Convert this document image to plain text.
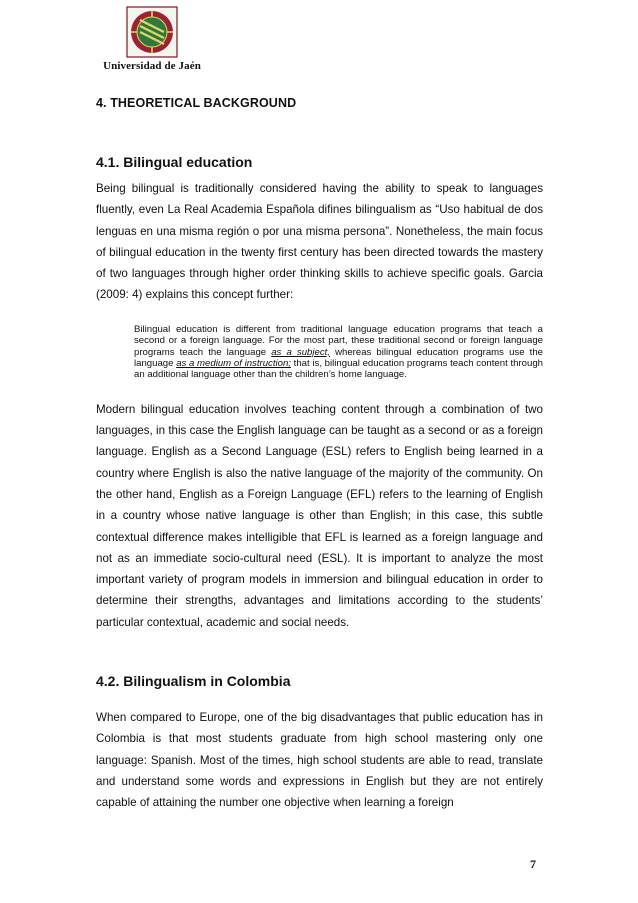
Universidad de Jaén
4. THEORETICAL BACKGROUND
4.1. Bilingual education

Being bilingual is traditionally considered having the ability to speak to languages fluently, even La Real Academia Española difines bilingualism as “Uso habitual de dos lenguas en una misma región o por una misma persona”. Nonetheless, the main focus of bilingual education in the twenty first century has been directed towards the mastery of two languages through higher order thinking skills to achieve specific goals. Garcia (2009: 4) explains this concept further:

Bilingual education is different from traditional language education programs that teach a second or a foreign language. For the most part, these traditional second or foreign language programs teach the language as a subject, whereas bilingual education programs use the language as a medium of instruction; that is, bilingual education programs teach content through an additional language other than the children’s home language.

Modern bilingual education involves teaching content through a combination of two languages, in this case the English language can be taught as a second or as a foreign language. English as a Second Language (ESL) refers to English being learned in a country where English is also the native language of the majority of the community. On the other hand, English as a Foreign Language (EFL) refers to the learning of English in a country whose native language is other than English; in this case, this subtle contextual difference makes intelligible that EFL is learned as a foreign language and not as an immediate socio-cultural need (ESL). It is important to analyze the most important variety of program models in immersion and bilingual education in order to determine their strengths, advantages and limitations according to the students’ particular contextual, academic and social needs.

4.2. Bilingualism in Colombia

When compared to Europe, one of the big disadvantages that public education has in Colombia is that most students graduate from high school mastering only one language: Spanish. Most of the times, high school students are able to read, translate and understand some words and expressions in English but they are not entirely capable of attaining the number one objective when learning a foreign

7
